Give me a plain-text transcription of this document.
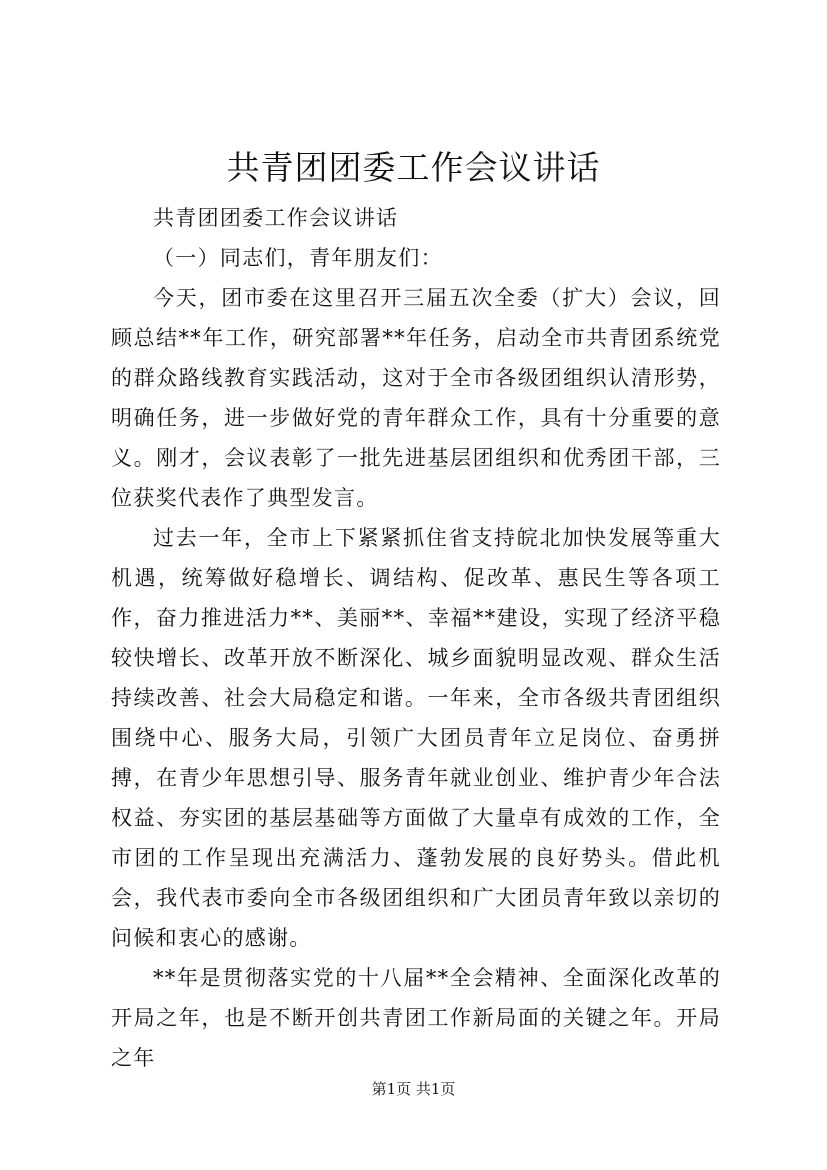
共青团团委工作会议讲话

共青团团委工作会议讲话

（一）同志们，青年朋友们：

今天，团市委在这里召开三届五次全委（扩大）会议，回顾总结**年工作，研究部署**年任务，启动全市共青团系统党的群众路线教育实践活动，这对于全市各级团组织认清形势，明确任务，进一步做好党的青年群众工作，具有十分重要的意义。刚才，会议表彰了一批先进基层团组织和优秀团干部，三位获奖代表作了典型发言。

过去一年，全市上下紧紧抓住省支持皖北加快发展等重大机遇，统筹做好稳增长、调结构、促改革、惠民生等各项工作，奋力推进活力**、美丽**、幸福**建设，实现了经济平稳较快增长、改革开放不断深化、城乡面貌明显改观、群众生活持续改善、社会大局稳定和谐。一年来，全市各级共青团组织围绕中心、服务大局，引领广大团员青年立足岗位、奋勇拼搏，在青少年思想引导、服务青年就业创业、维护青少年合法权益、夯实团的基层基础等方面做了大量卓有成效的工作，全市团的工作呈现出充满活力、蓬勃发展的良好势头。借此机会，我代表市委向全市各级团组织和广大团员青年致以亲切的问候和衷心的感谢。

**年是贯彻落实党的十八届**全会精神、全面深化改革的开局之年，也是不断开创共青团工作新局面的关键之年。开局之年

第1页 共1页
